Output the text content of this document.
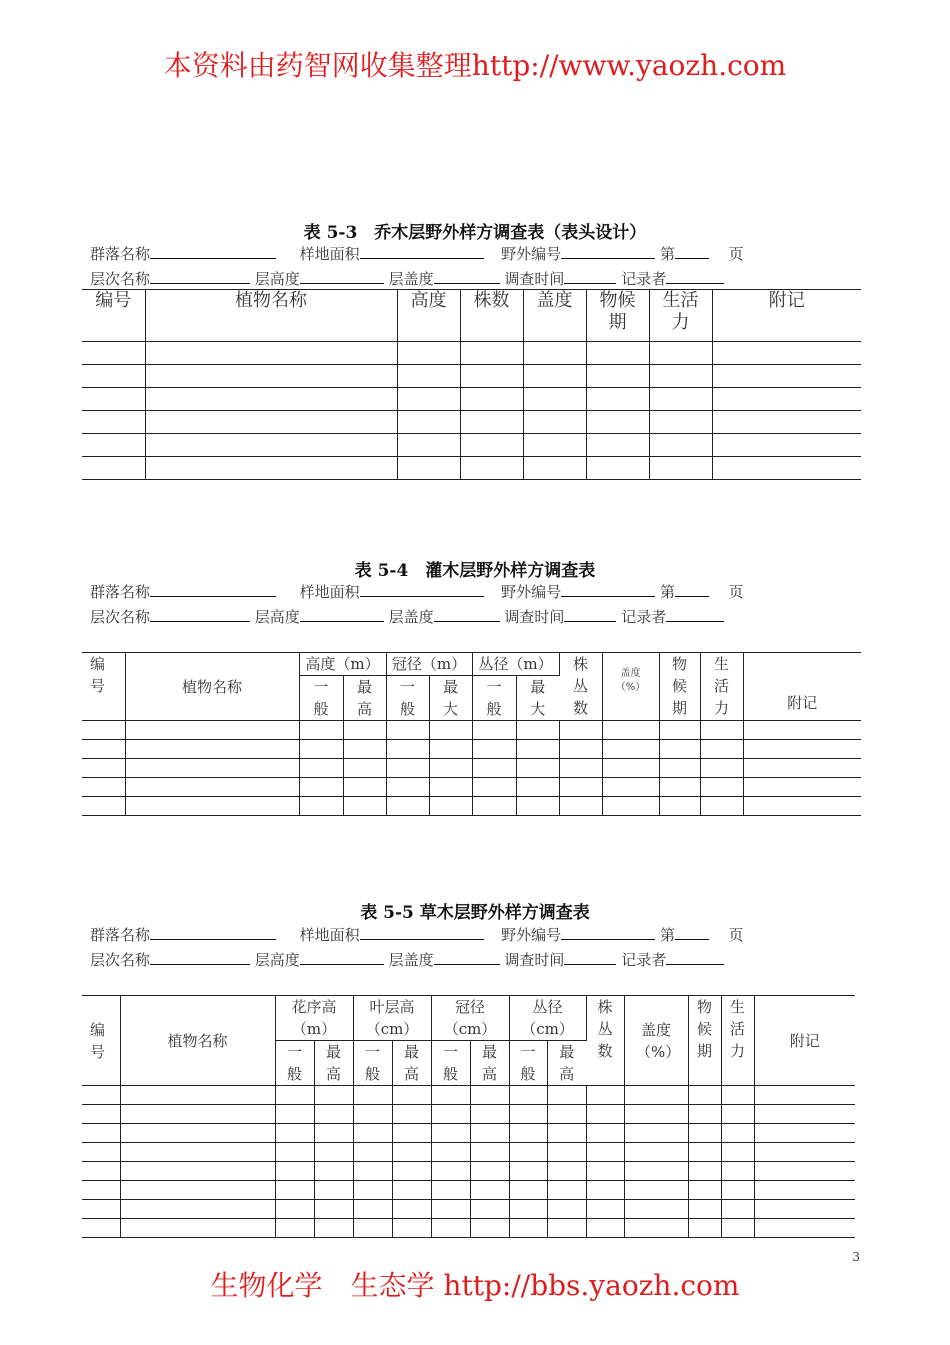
本资料由药智网收集整理http://www.yaozh.com
表 5-3　乔木层野外样方调查表（表头设计）
群落名称	样地面积	野外编号	第	页
层次名称	层高度	层盖度	调查时间	记录者
编号	植物名称	高度	株数	盖度	物候期	生活力	附记

表 5-4　灌木层野外样方调查表
群落名称	样地面积	野外编号	第	页
层次名称	层高度	层盖度	调查时间	记录者
编号	植物名称	高度（m）		冠径（m）		丛径（m）		株丛数	盖度（%）	物候期	生活力	附记
		一般	最高	一般	最大	一般	最大					

表 5-5 草木层野外样方调查表
群落名称	样地面积	野外编号	第	页
层次名称	层高度	层盖度	调查时间	记录者
编号	植物名称	花序高（m）		叶层高（cm）		冠径（cm）		丛径（cm）		株丛数	盖度（%）	物候期	生活力	附记
		一般	最高	一般	最高	一般	最高	一般	最高					

3
生物化学　生态学 http://bbs.yaozh.com
